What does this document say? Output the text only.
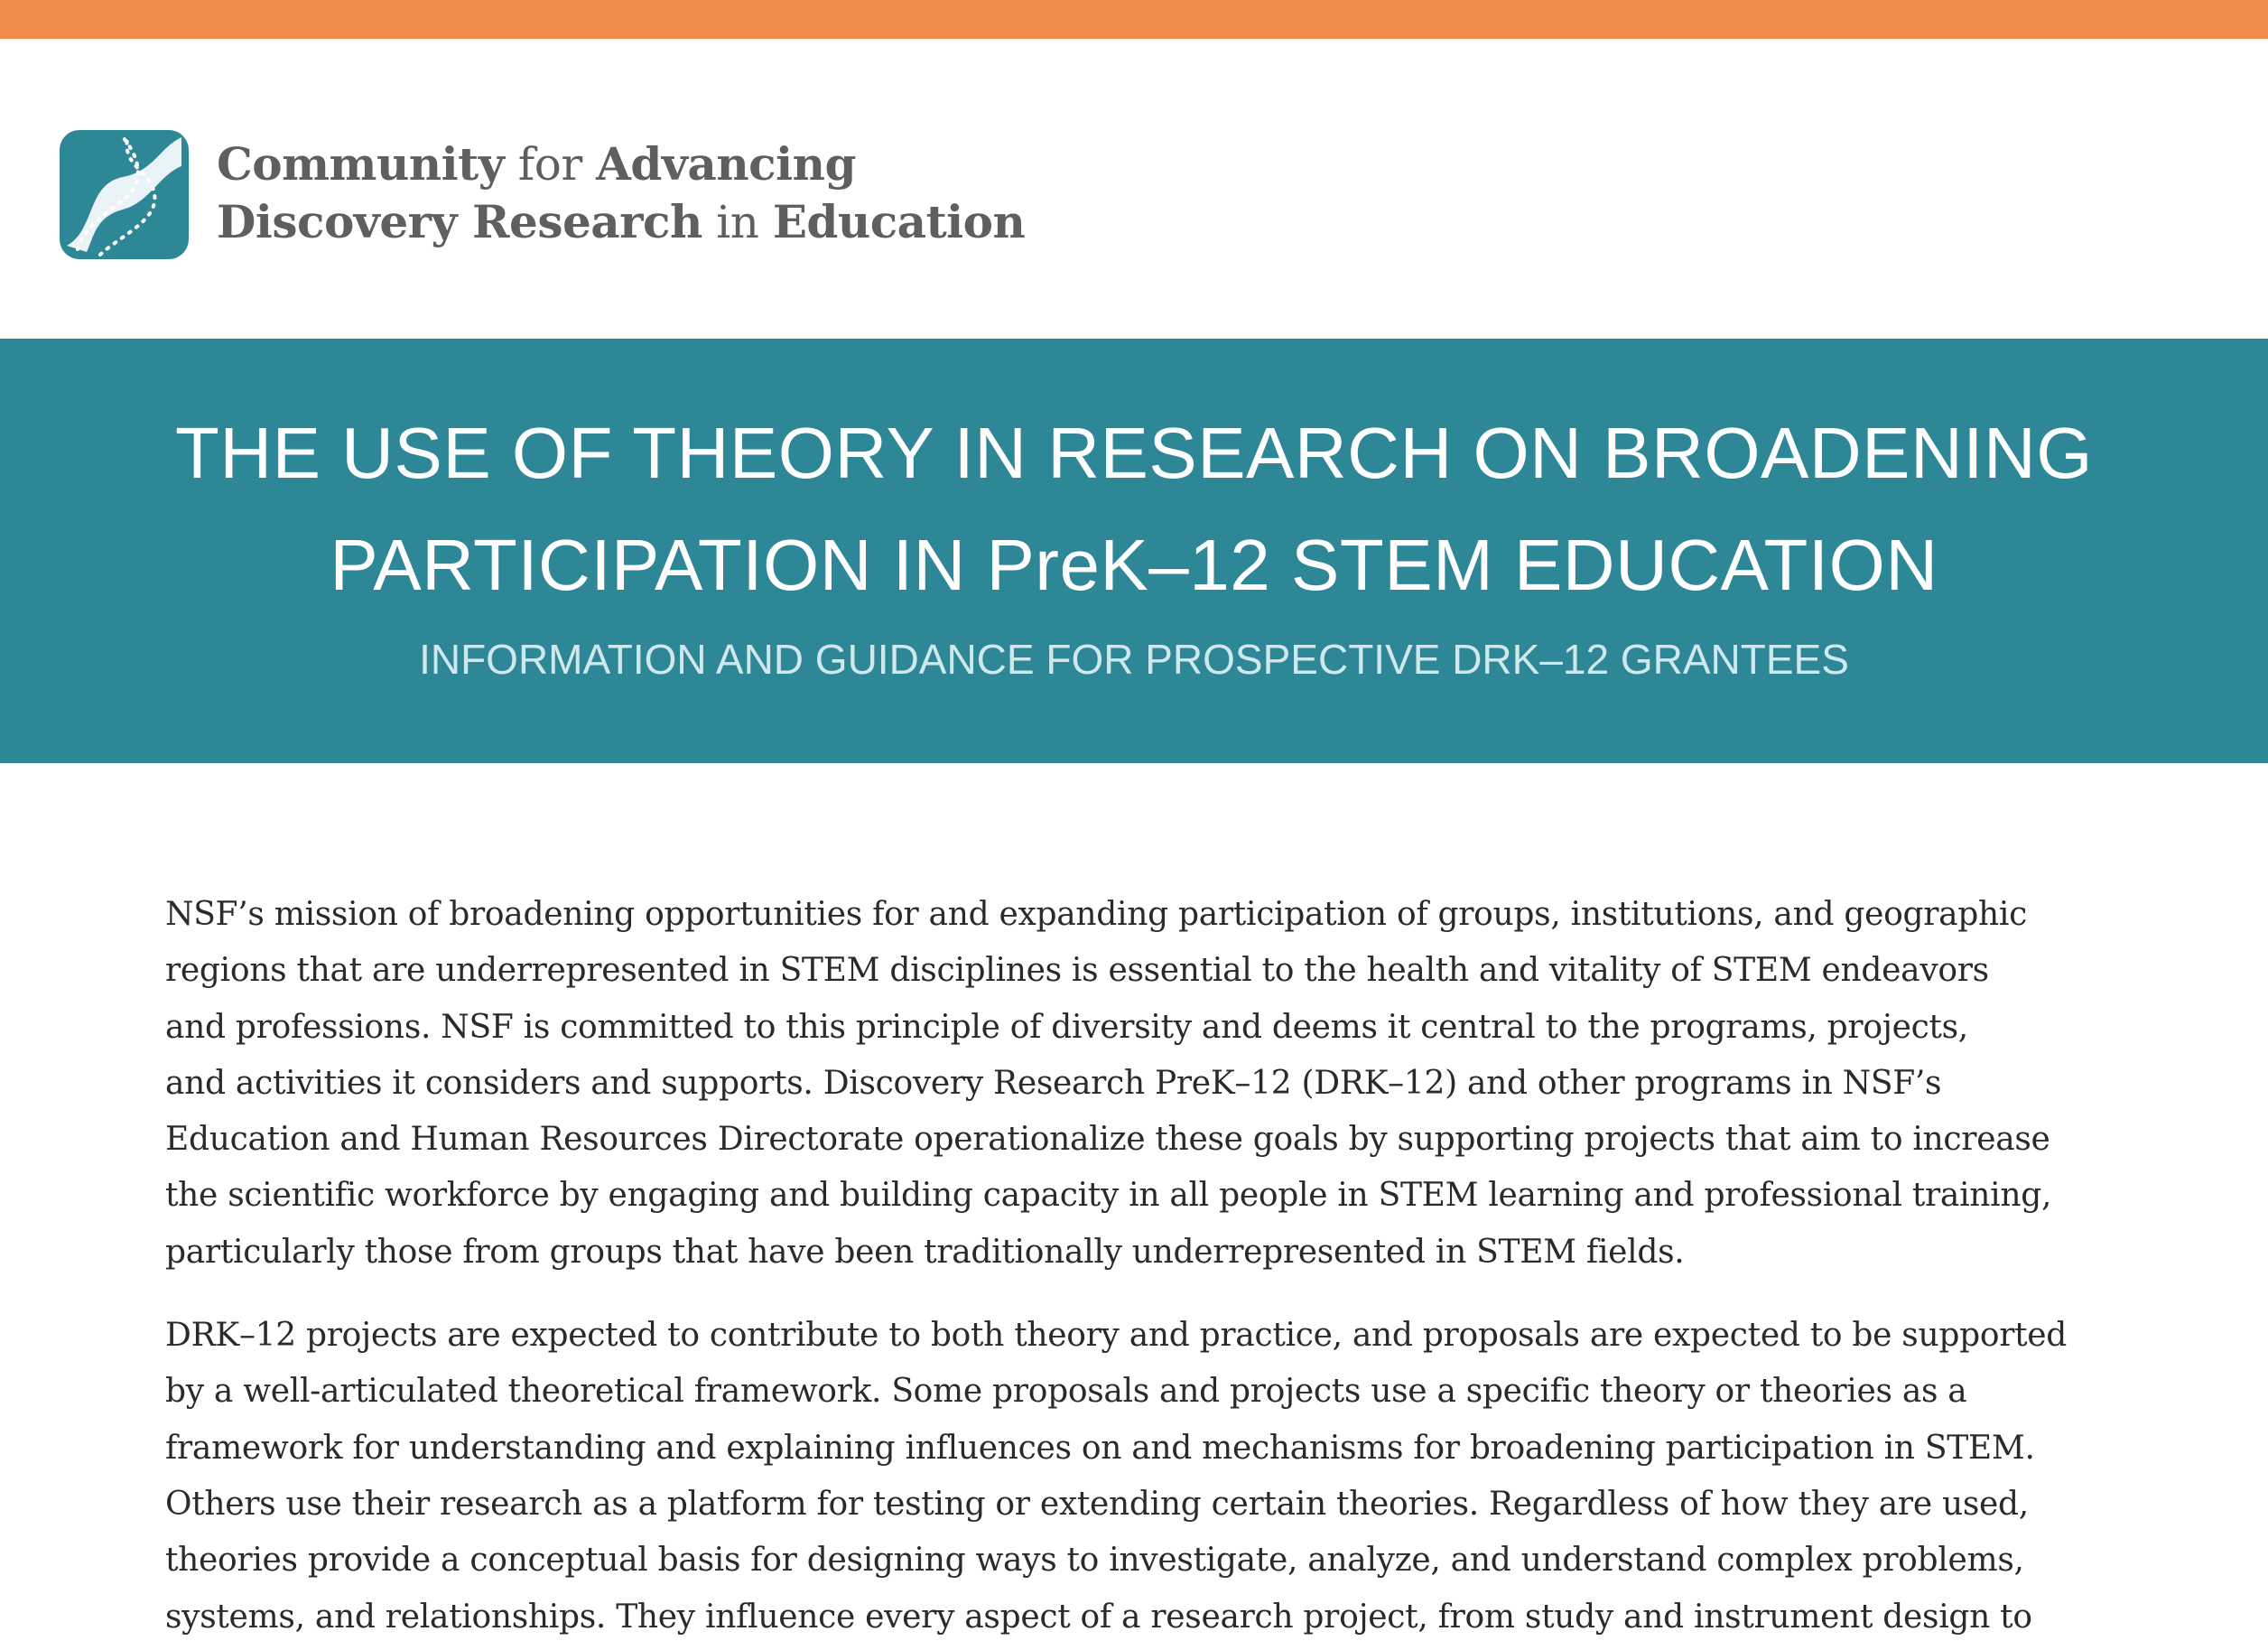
Community for Advancing
Discovery Research in Education
THE USE OF THEORY IN RESEARCH ON BROADENING
PARTICIPATION IN PreK–12 STEM EDUCATION
INFORMATION AND GUIDANCE FOR PROSPECTIVE DRK–12 GRANTEES

NSF’s mission of broadening opportunities for and expanding participation of groups, institutions, and geographic
regions that are underrepresented in STEM disciplines is essential to the health and vitality of STEM endeavors
and professions. NSF is committed to this principle of diversity and deems it central to the programs, projects,
and activities it considers and supports. Discovery Research PreK–12 (DRK–12) and other programs in NSF’s
Education and Human Resources Directorate operationalize these goals by supporting projects that aim to increase
the scientific workforce by engaging and building capacity in all people in STEM learning and professional training,
particularly those from groups that have been traditionally underrepresented in STEM fields.

DRK–12 projects are expected to contribute to both theory and practice, and proposals are expected to be supported
by a well-articulated theoretical framework. Some proposals and projects use a specific theory or theories as a
framework for understanding and explaining influences on and mechanisms for broadening participation in STEM.
Others use their research as a platform for testing or extending certain theories. Regardless of how they are used,
theories provide a conceptual basis for designing ways to investigate, analyze, and understand complex problems,
systems, and relationships. They influence every aspect of a research project, from study and instrument design to
